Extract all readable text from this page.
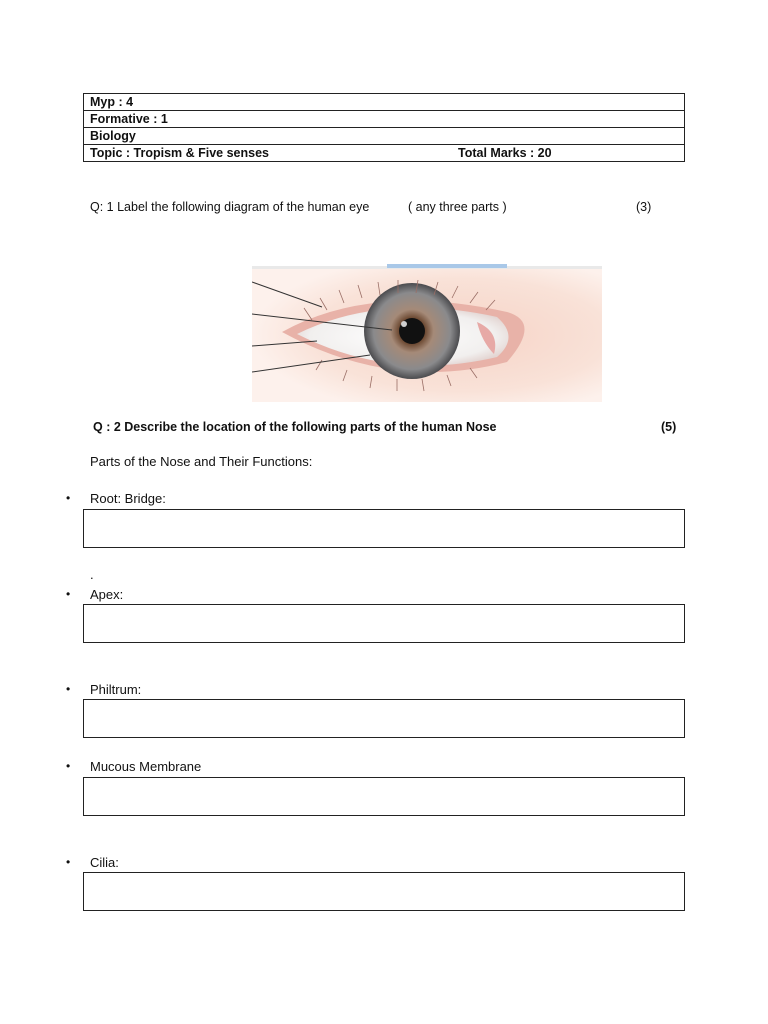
Myp : 4
Formative : 1
Biology
Topic : Tropism & Five senses	Total Marks : 20
Q: 1 Label the following diagram of the human eye	( any three parts )	(3)
Q : 2 Describe the location of the following parts of the human Nose	(5)
Parts of the Nose and Their Functions:
• Root: Bridge:
.
• Apex:
• Philtrum:
• Mucous Membrane
• Cilia:
